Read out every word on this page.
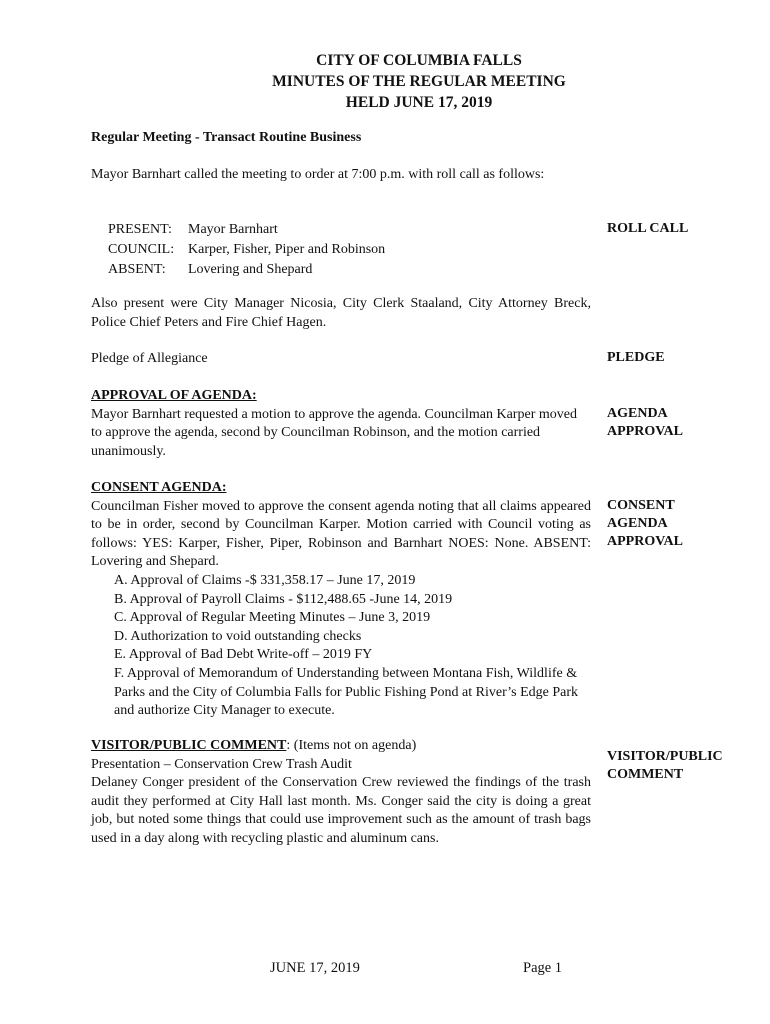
CITY OF COLUMBIA FALLS
MINUTES OF THE REGULAR MEETING
HELD JUNE 17, 2019
Regular Meeting - Transact Routine Business
Mayor Barnhart called the meeting to order at 7:00 p.m. with roll call as follows:
PRESENT: Mayor Barnhart
COUNCIL: Karper, Fisher, Piper and Robinson
ABSENT: Lovering and Shepard
Also present were City Manager Nicosia, City Clerk Staaland, City Attorney Breck, Police Chief Peters and Fire Chief Hagen.
Pledge of Allegiance
APPROVAL OF AGENDA:
Mayor Barnhart requested a motion to approve the agenda. Councilman Karper moved to approve the agenda, second by Councilman Robinson, and the motion carried unanimously.
CONSENT AGENDA:
Councilman Fisher moved to approve the consent agenda noting that all claims appeared to be in order, second by Councilman Karper. Motion carried with Council voting as follows: YES: Karper, Fisher, Piper, Robinson and Barnhart NOES: None. ABSENT: Lovering and Shepard.
A. Approval of Claims -$ 331,358.17 – June 17, 2019
B. Approval of Payroll Claims - $112,488.65 -June 14, 2019
C. Approval of Regular Meeting Minutes – June 3, 2019
D. Authorization to void outstanding checks
E. Approval of Bad Debt Write-off – 2019 FY
F. Approval of Memorandum of Understanding between Montana Fish, Wildlife & Parks and the City of Columbia Falls for Public Fishing Pond at River’s Edge Park and authorize City Manager to execute.
VISITOR/PUBLIC COMMENT: (Items not on agenda)
Presentation – Conservation Crew Trash Audit
Delaney Conger president of the Conservation Crew reviewed the findings of the trash audit they performed at City Hall last month. Ms. Conger said the city is doing a great job, but noted some things that could use improvement such as the amount of trash bags used in a day along with recycling plastic and aluminum cans.
ROLL CALL
PLEDGE
AGENDA
APPROVAL
CONSENT
AGENDA
APPROVAL
VISITOR/PUBLIC
COMMENT
JUNE 17, 2019	Page 1
